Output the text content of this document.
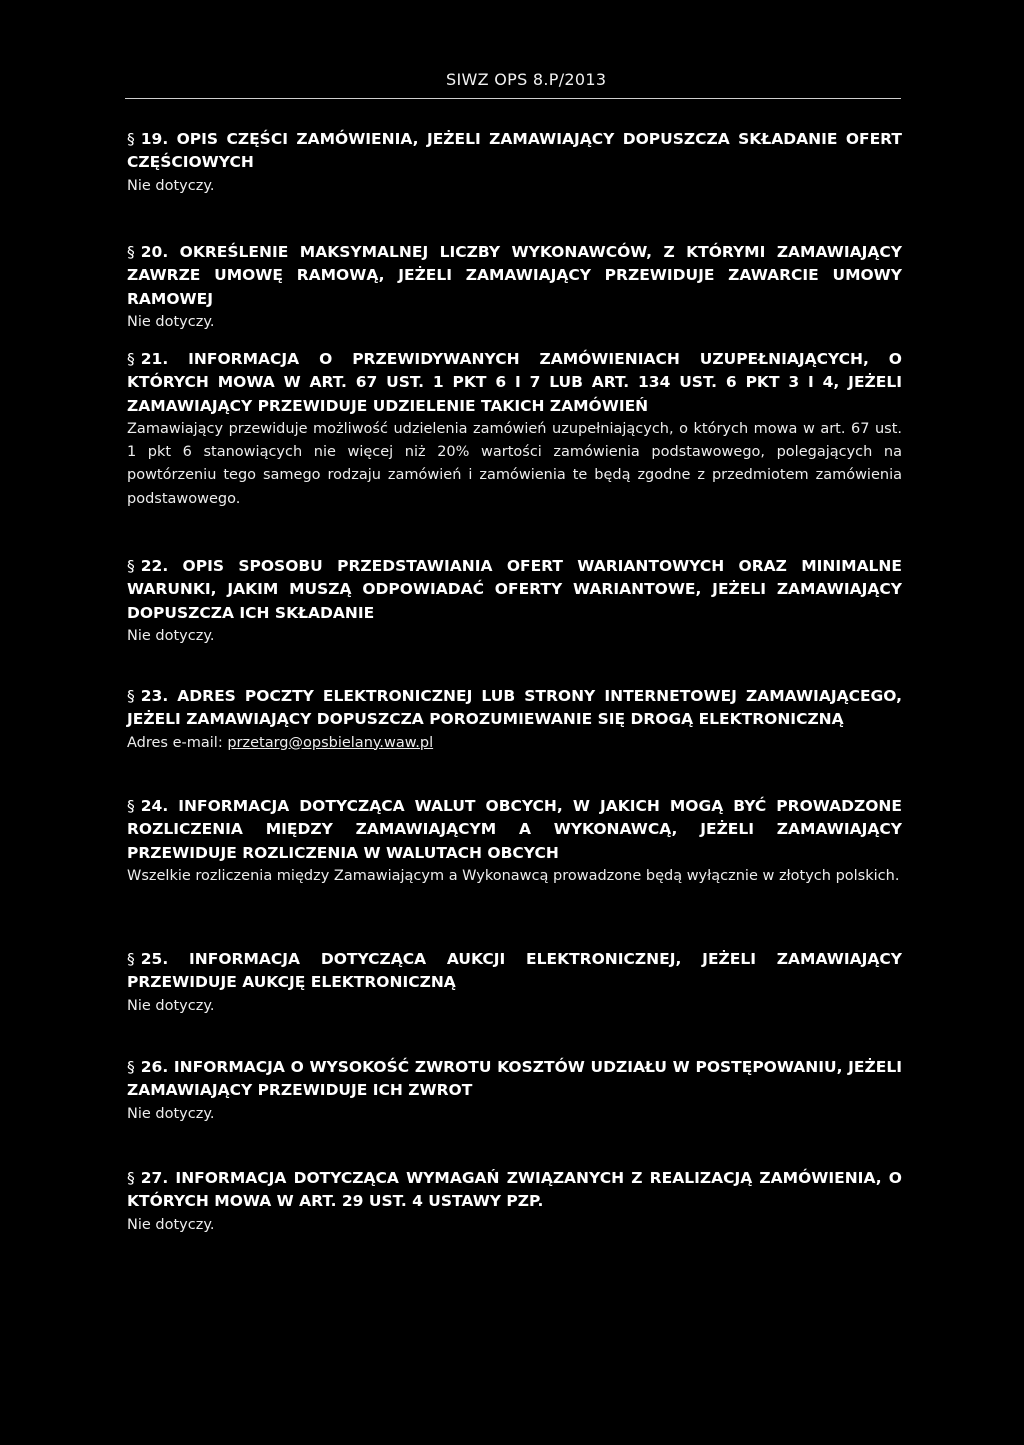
SIWZ OPS 8.P/2013
§ 19. OPIS CZĘŚCI ZAMÓWIENIA, JEŻELI ZAMAWIAJĄCY DOPUSZCZA SKŁADANIE OFERT CZĘŚCIOWYCH
Nie dotyczy.
§ 20. OKREŚLENIE MAKSYMALNEJ LICZBY WYKONAWCÓW, Z KTÓRYMI ZAMAWIAJĄCY ZAWRZE UMOWĘ RAMOWĄ, JEŻELI ZAMAWIAJĄCY PRZEWIDUJE ZAWARCIE UMOWY RAMOWEJ
Nie dotyczy.
§ 21. INFORMACJA O PRZEWIDYWANYCH ZAMÓWIENIACH UZUPEŁNIAJĄCYCH, O KTÓRYCH MOWA W ART. 67 UST. 1 PKT 6 I 7 LUB ART. 134 UST. 6 PKT 3 I 4, JEŻELI ZAMAWIAJĄCY PRZEWIDUJE UDZIELENIE TAKICH ZAMÓWIEŃ
Zamawiający przewiduje możliwość udzielenia zamówień uzupełniających, o których mowa w art. 67 ust. 1 pkt 6 stanowiących nie więcej niż 20% wartości zamówienia podstawowego, polegających na powtórzeniu tego samego rodzaju zamówień i zamówienia te będą zgodne z przedmiotem zamówienia podstawowego.
§ 22. OPIS SPOSOBU PRZEDSTAWIANIA OFERT WARIANTOWYCH ORAZ MINIMALNE WARUNKI, JAKIM MUSZĄ ODPOWIADAĆ OFERTY WARIANTOWE, JEŻELI ZAMAWIAJĄCY DOPUSZCZA ICH SKŁADANIE
Nie dotyczy.
§ 23. ADRES POCZTY ELEKTRONICZNEJ LUB STRONY INTERNETOWEJ ZAMAWIAJĄCEGO, JEŻELI ZAMAWIAJĄCY DOPUSZCZA POROZUMIEWANIE SIĘ DROGĄ ELEKTRONICZNĄ
Adres e-mail: przetarg@opsbielany.waw.pl
§ 24. INFORMACJA DOTYCZĄCA WALUT OBCYCH, W JAKICH MOGĄ BYĆ PROWADZONE ROZLICZENIA MIĘDZY ZAMAWIAJĄCYM A WYKONAWCĄ, JEŻELI ZAMAWIAJĄCY PRZEWIDUJE ROZLICZENIA W WALUTACH OBCYCH
Wszelkie rozliczenia między Zamawiającym a Wykonawcą prowadzone będą wyłącznie w złotych polskich.
§ 25. INFORMACJA DOTYCZĄCA AUKCJI ELEKTRONICZNEJ, JEŻELI ZAMAWIAJĄCY PRZEWIDUJE AUKCJĘ ELEKTRONICZNĄ
Nie dotyczy.
§ 26. INFORMACJA O WYSOKOŚĆ ZWROTU KOSZTÓW UDZIAŁU W POSTĘPOWANIU, JEŻELI ZAMAWIAJĄCY PRZEWIDUJE ICH ZWROT
Nie dotyczy.
§ 27. INFORMACJA DOTYCZĄCA WYMAGAŃ ZWIĄZANYCH Z REALIZACJĄ ZAMÓWIENIA, O KTÓRYCH MOWA W ART. 29 UST. 4 USTAWY PZP.
Nie dotyczy.
